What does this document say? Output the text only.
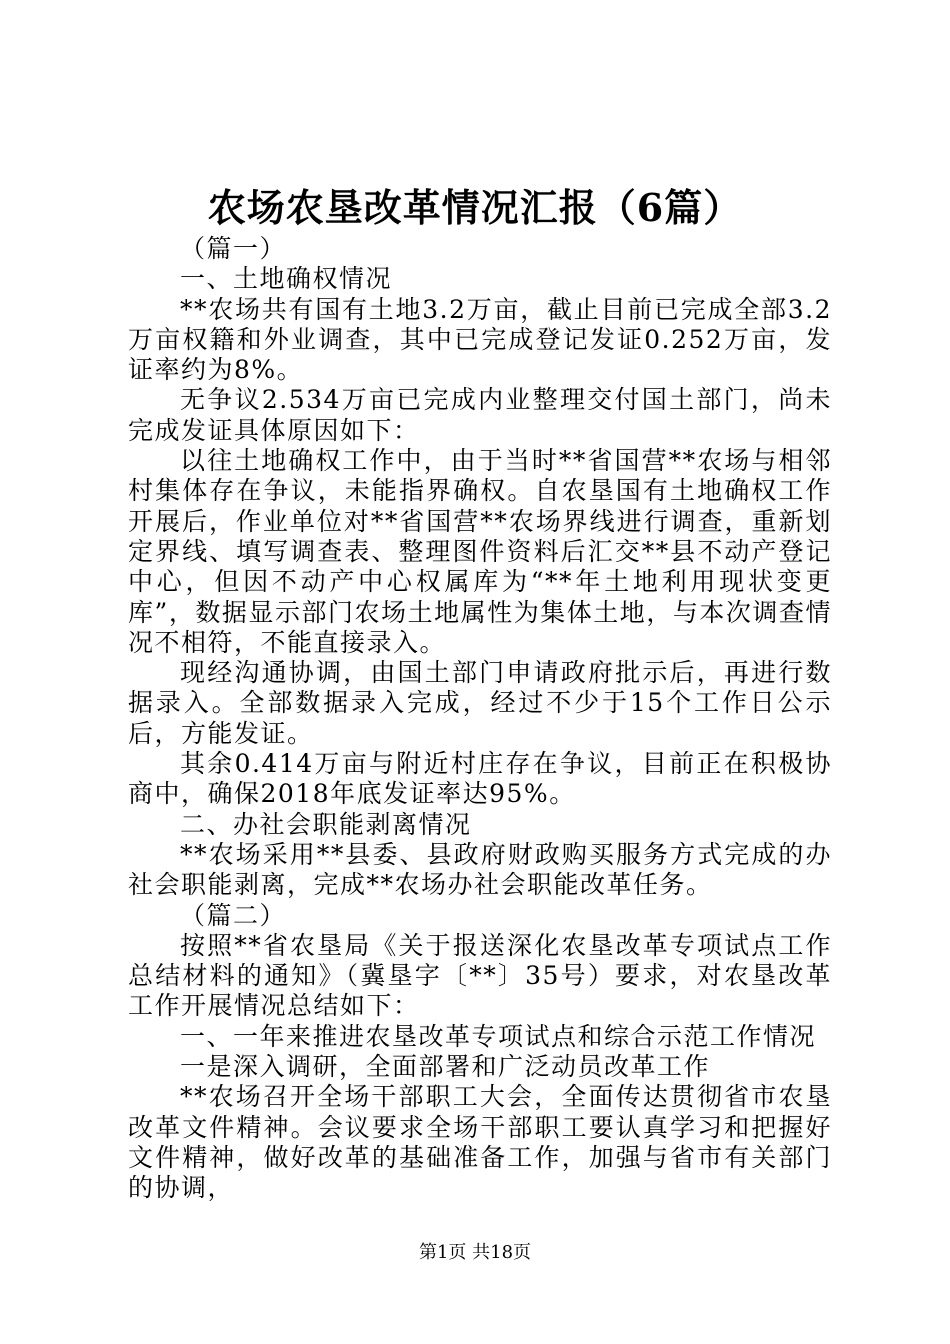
农场农垦改革情况汇报（6篇）

（篇一）

一、土地确权情况

**农场共有国有土地3.2万亩，截止目前已完成全部3.2万亩权籍和外业调查，其中已完成登记发证0.252万亩，发证率约为8%。

无争议2.534万亩已完成内业整理交付国土部门，尚未完成发证具体原因如下：

以往土地确权工作中，由于当时**省国营**农场与相邻村集体存在争议，未能指界确权。自农垦国有土地确权工作开展后，作业单位对**省国营**农场界线进行调查，重新划定界线、填写调查表、整理图件资料后汇交**县不动产登记中心，但因不动产中心权属库为“**年土地利用现状变更库”，数据显示部门农场土地属性为集体土地，与本次调查情况不相符，不能直接录入。

现经沟通协调，由国土部门申请政府批示后，再进行数据录入。全部数据录入完成，经过不少于15个工作日公示后，方能发证。

其余0.414万亩与附近村庄存在争议，目前正在积极协商中，确保2018年底发证率达95%。

二、办社会职能剥离情况

**农场采用**县委、县政府财政购买服务方式完成的办社会职能剥离，完成**农场办社会职能改革任务。

（篇二）

按照**省农垦局《关于报送深化农垦改革专项试点工作总结材料的通知》（冀垦字〔**〕35号）要求，对农垦改革工作开展情况总结如下：

一、一年来推进农垦改革专项试点和综合示范工作情况

一是深入调研，全面部署和广泛动员改革工作

**农场召开全场干部职工大会，全面传达贯彻省市农垦改革文件精神。会议要求全场干部职工要认真学习和把握好文件精神，做好改革的基础准备工作，加强与省市有关部门的协调，

第1页 共18页
